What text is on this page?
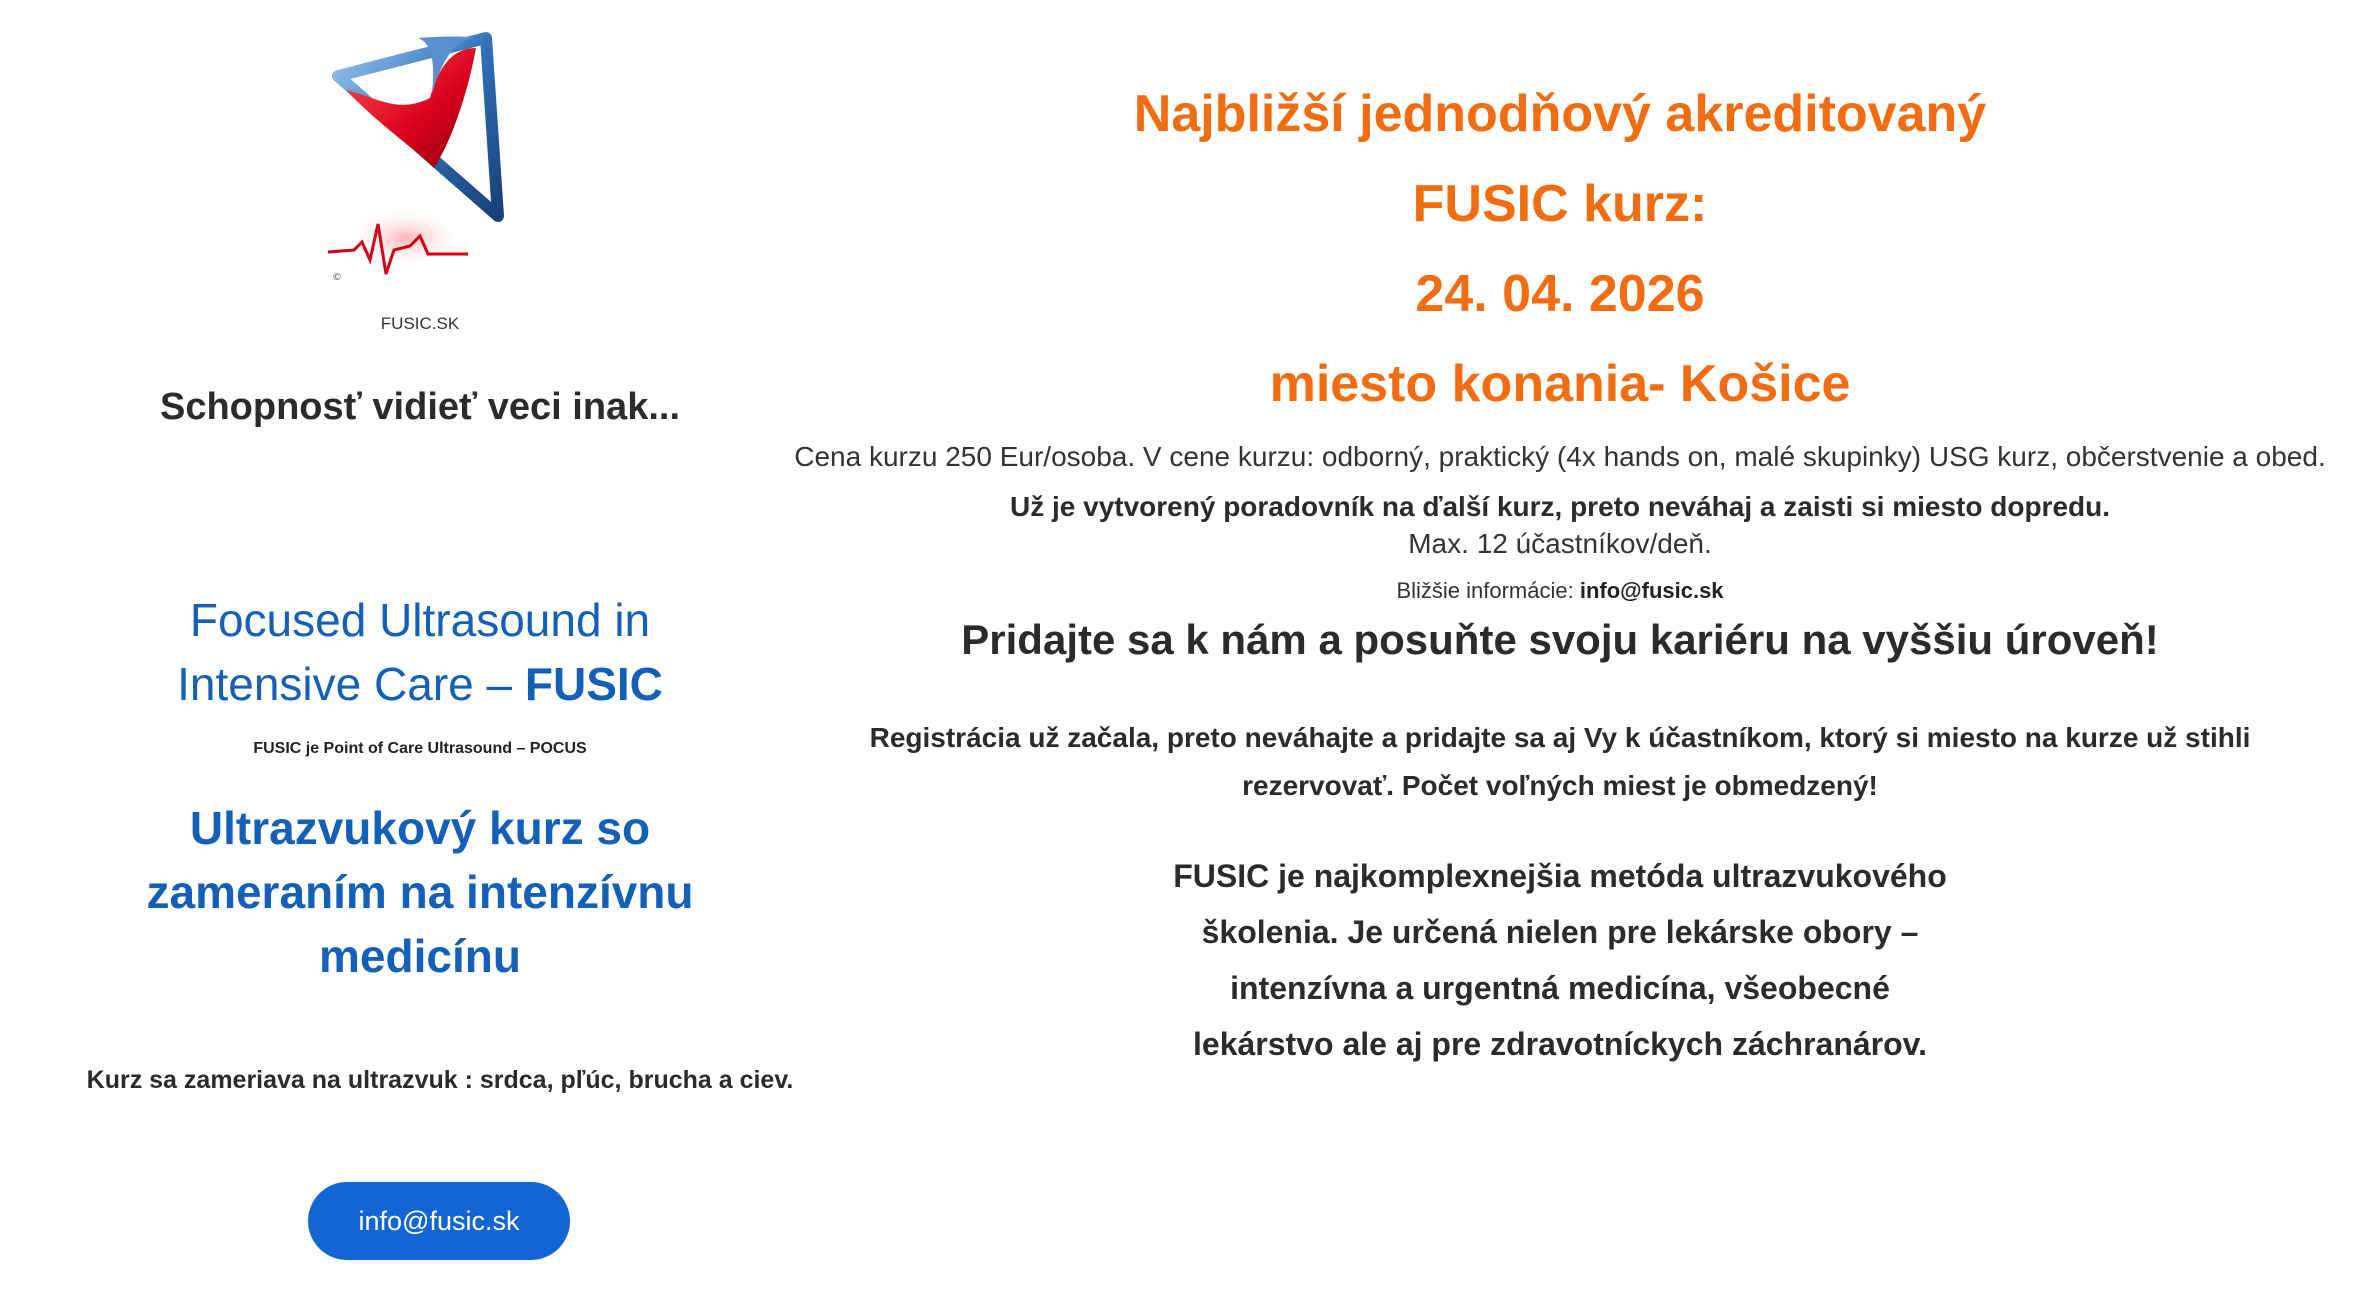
©
FUSIC.SK
Schopnosť vidieť veci inak...
Focused Ultrasound in
Intensive Care – FUSIC
FUSIC je Point of Care Ultrasound – POCUS
Ultrazvukový kurz so zameraním na intenzívnu medicínu
Kurz sa zameriava na ultrazvuk : srdca, pľúc, brucha a ciev.
info@fusic.sk
Najbližší jednodňový akreditovaný
FUSIC kurz:
24. 04. 2026
miesto konania- Košice
Cena kurzu 250 Eur/osoba. V cene kurzu: odborný, praktický (4x hands on, malé skupinky) USG kurz, občerstvenie a obed. Už je vytvorený poradovník na ďalší kurz, preto neváhaj a zaisti si miesto dopredu.
Max. 12 účastníkov/deň.
Bližšie informácie: info@fusic.sk
Pridajte sa k nám a posuňte svoju kariéru na vyššiu úroveň!
Registrácia už začala, preto neváhajte a pridajte sa aj Vy k účastníkom, ktorý si miesto na kurze už stihli rezervovať. Počet voľných miest je obmedzený!
FUSIC je najkomplexnejšia metóda ultrazvukového školenia. Je určená nielen pre lekárske obory – intenzívna a urgentná medicína, všeobecné lekárstvo ale aj pre zdravotníckych záchranárov.
